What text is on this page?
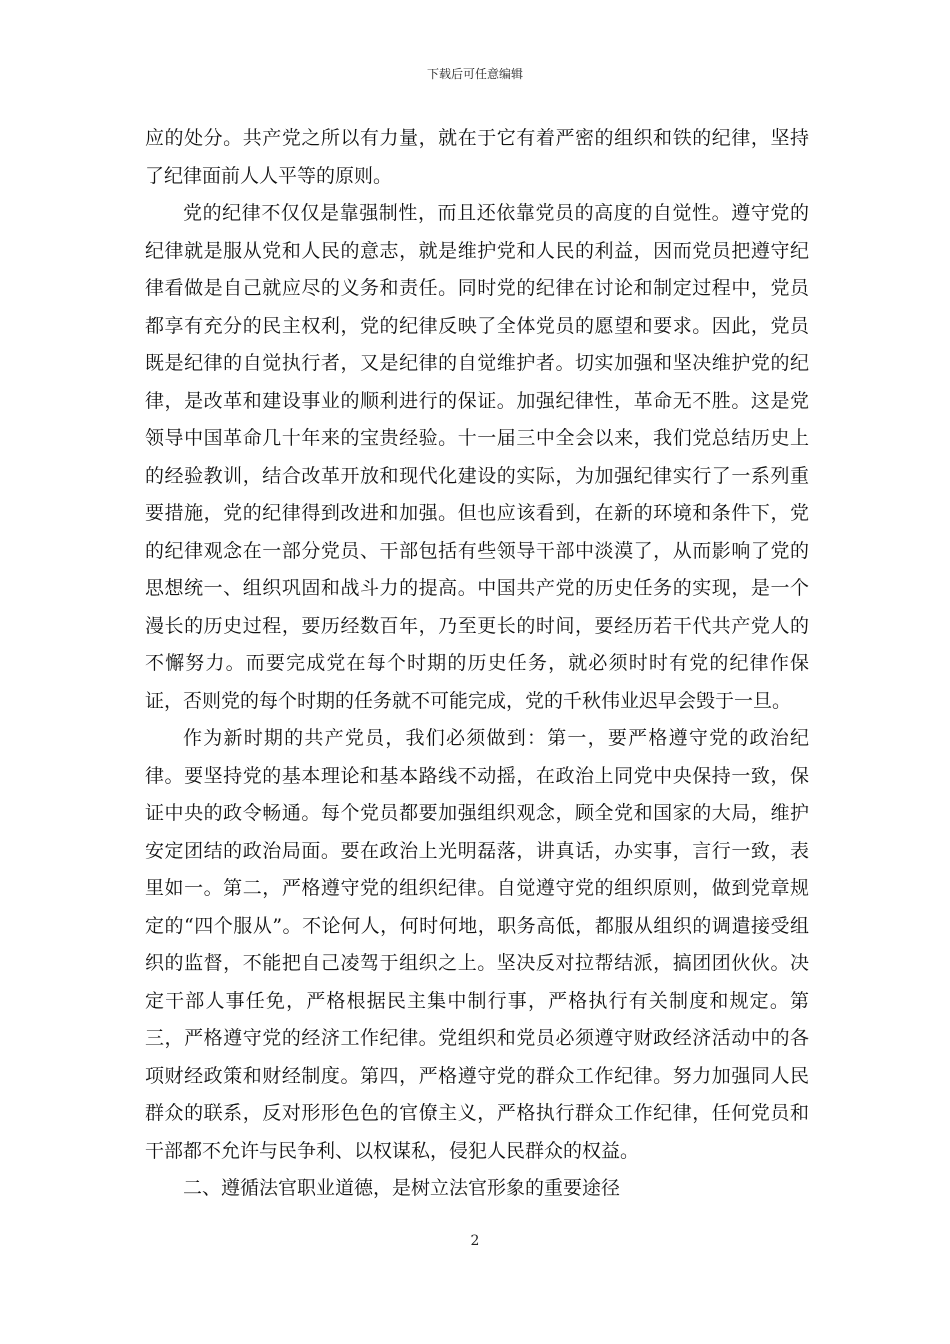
下载后可任意编辑

应的处分。共产党之所以有力量，就在于它有着严密的组织和铁的纪律，坚持了纪律面前人人平等的原则。

党的纪律不仅仅是靠强制性，而且还依靠党员的高度的自觉性。遵守党的纪律就是服从党和人民的意志，就是维护党和人民的利益，因而党员把遵守纪律看做是自己就应尽的义务和责任。同时党的纪律在讨论和制定过程中，党员都享有充分的民主权利，党的纪律反映了全体党员的愿望和要求。因此，党员既是纪律的自觉执行者，又是纪律的自觉维护者。切实加强和坚决维护党的纪律，是改革和建设事业的顺利进行的保证。加强纪律性，革命无不胜。这是党领导中国革命几十年来的宝贵经验。十一届三中全会以来，我们党总结历史上的经验教训，结合改革开放和现代化建设的实际，为加强纪律实行了一系列重要措施，党的纪律得到改进和加强。但也应该看到，在新的环境和条件下，党的纪律观念在一部分党员、干部包括有些领导干部中淡漠了，从而影响了党的思想统一、组织巩固和战斗力的提高。中国共产党的历史任务的实现，是一个漫长的历史过程，要历经数百年，乃至更长的时间，要经历若干代共产党人的不懈努力。而要完成党在每个时期的历史任务，就必须时时有党的纪律作保证，否则党的每个时期的任务就不可能完成，党的千秋伟业迟早会毁于一旦。

作为新时期的共产党员，我们必须做到：第一，要严格遵守党的政治纪律。要坚持党的基本理论和基本路线不动摇，在政治上同党中央保持一致，保证中央的政令畅通。每个党员都要加强组织观念，顾全党和国家的大局，维护安定团结的政治局面。要在政治上光明磊落，讲真话，办实事，言行一致，表里如一。第二，严格遵守党的组织纪律。自觉遵守党的组织原则，做到党章规定的“四个服从”。不论何人，何时何地，职务高低，都服从组织的调遣接受组织的监督，不能把自己凌驾于组织之上。坚决反对拉帮结派，搞团团伙伙。决定干部人事任免，严格根据民主集中制行事，严格执行有关制度和规定。第三，严格遵守党的经济工作纪律。党组织和党员必须遵守财政经济活动中的各项财经政策和财经制度。第四，严格遵守党的群众工作纪律。努力加强同人民群众的联系，反对形形色色的官僚主义，严格执行群众工作纪律，任何党员和干部都不允许与民争利、以权谋私，侵犯人民群众的权益。

二、遵循法官职业道德，是树立法官形象的重要途径

2
